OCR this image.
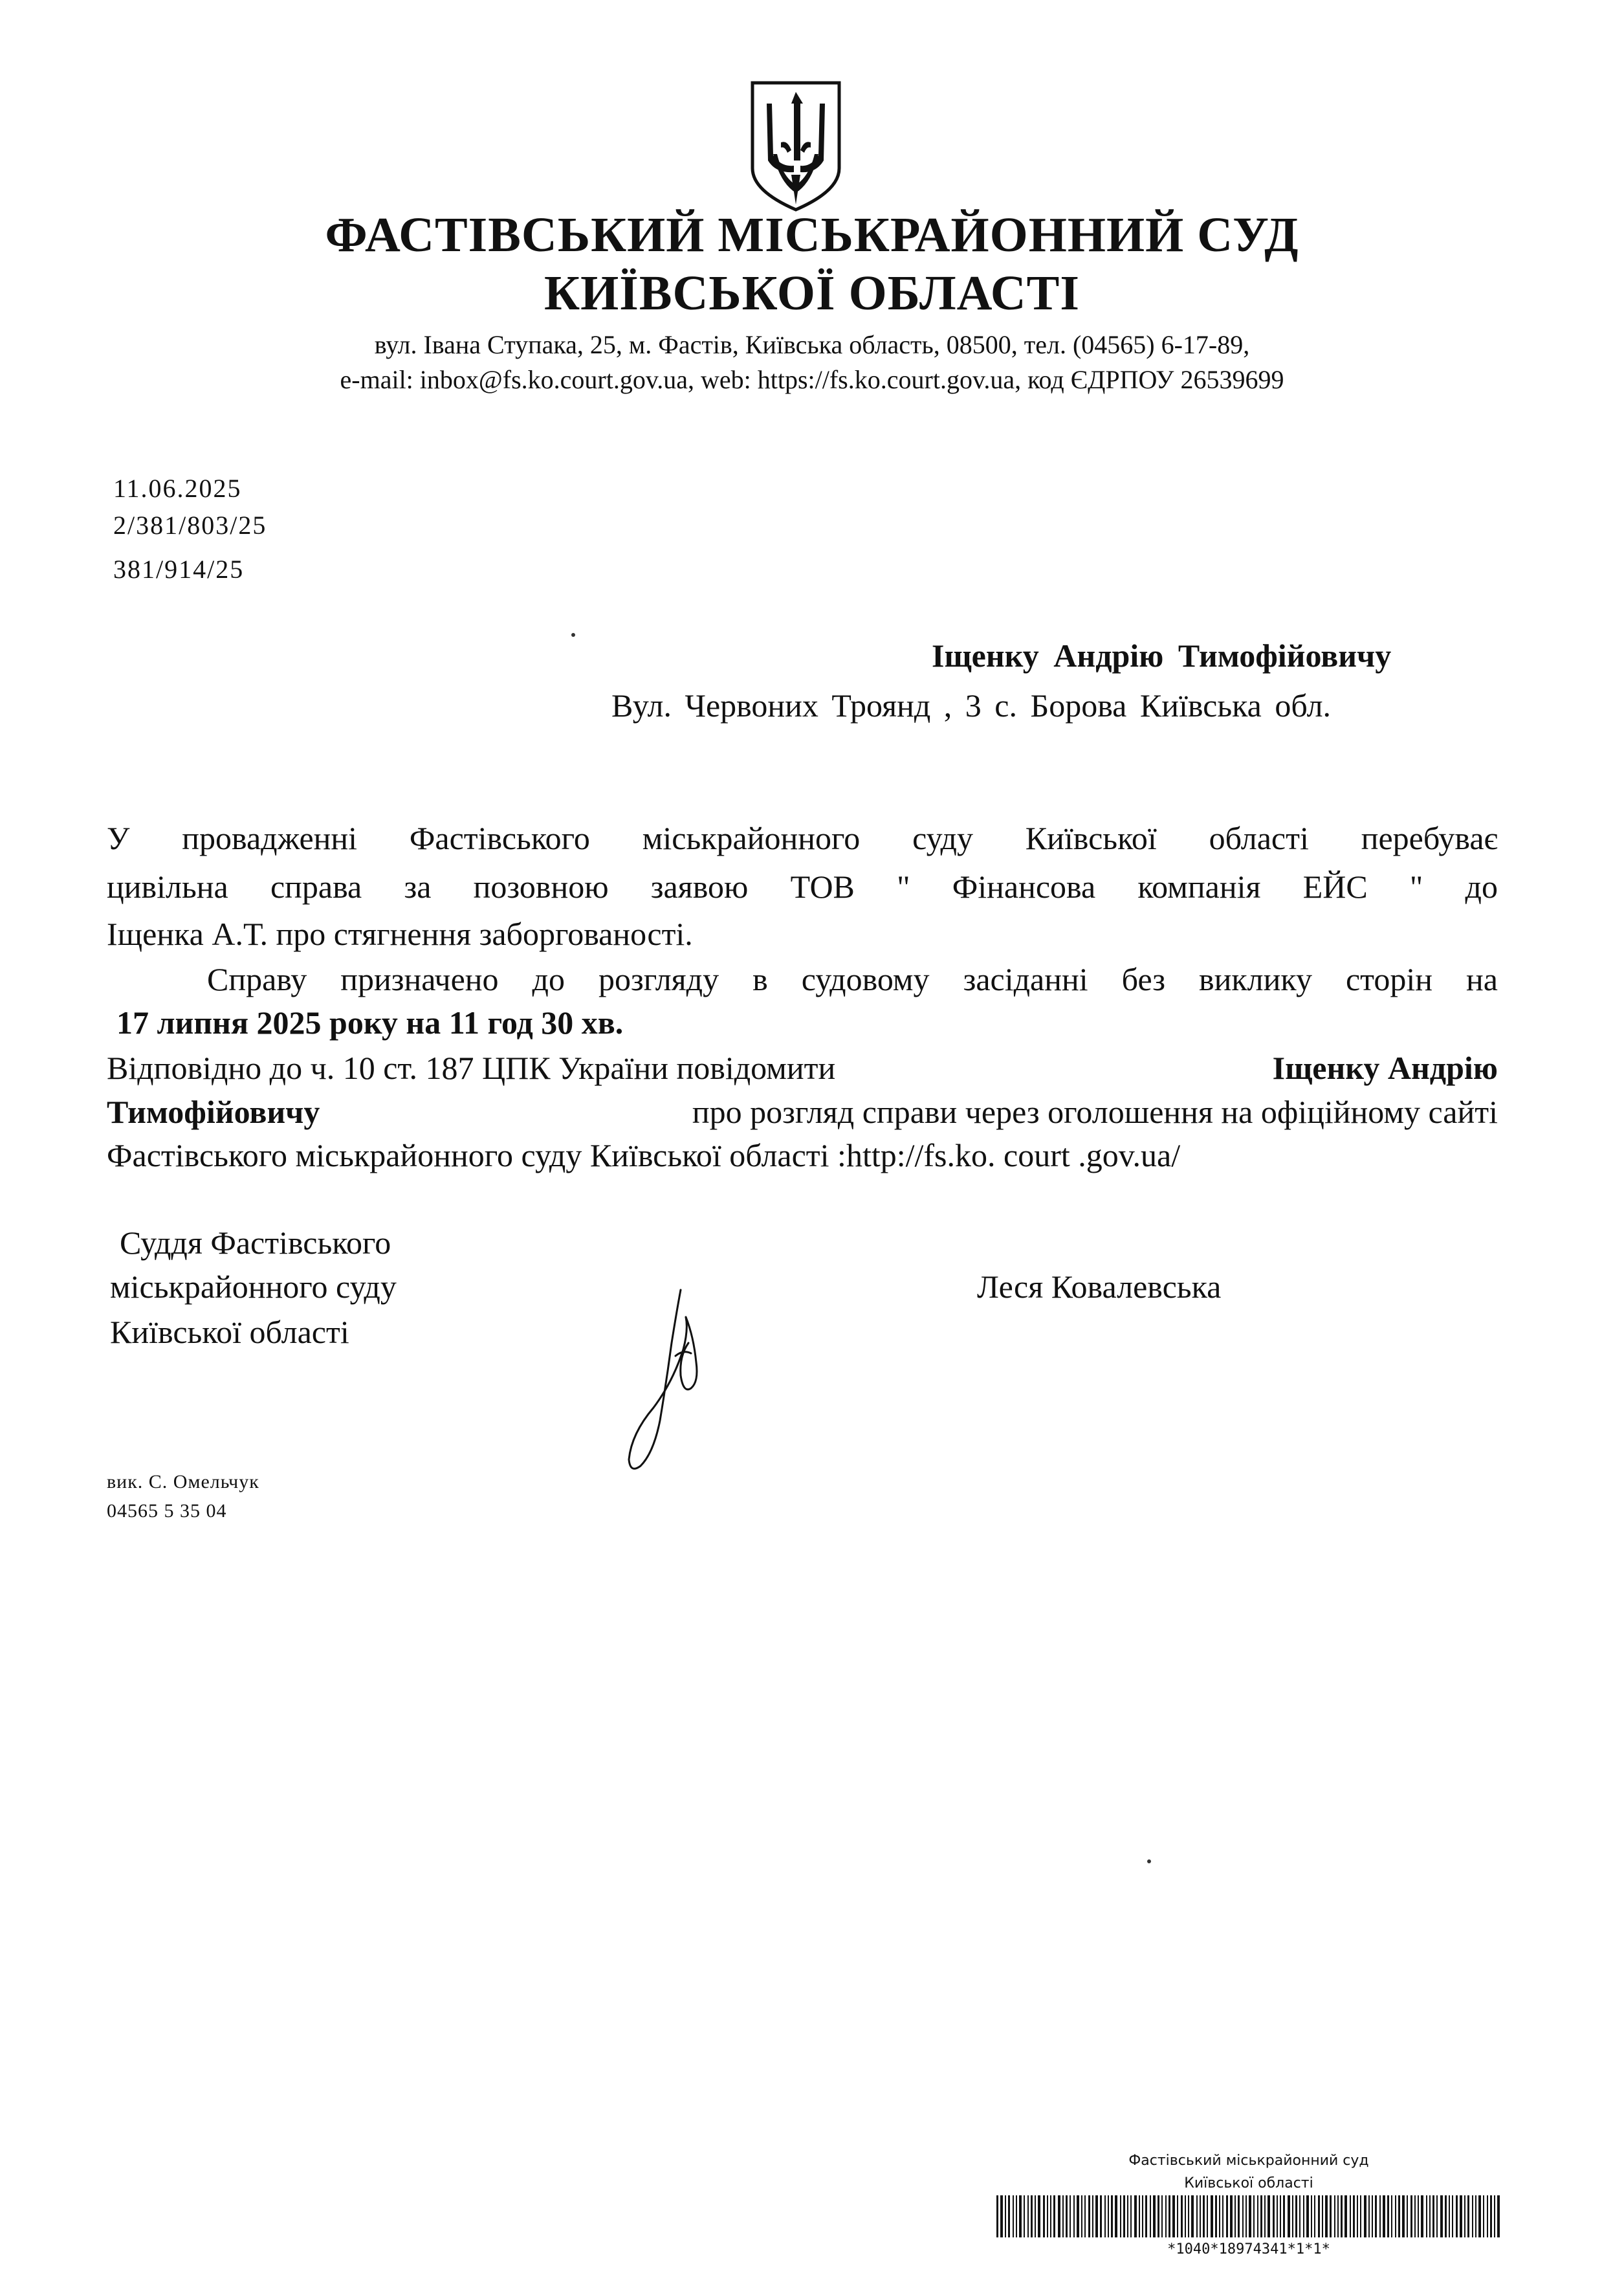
ФАСТІВСЬКИЙ МІСЬКРАЙОННИЙ СУД
КИЇВСЬКОЇ ОБЛАСТІ
вул. Івана Ступака, 25, м. Фастів, Київська область, 08500, тел. (04565) 6-17-89,
e-mail: inbox@fs.ko.court.gov.ua, web: https://fs.ko.court.gov.ua, код ЄДРПОУ 26539699
11.06.2025
2/381/803/25
381/914/25
Іщенку Андрію Тимофійовичу
Вул. Червоних Троянд , 3 с. Борова Київська обл.
У провадженні Фастівського міськрайонного суду Київської області перебуває
цивільна справа за позовною заявою ТОВ " Фінансова компанія ЕЙС " до
Іщенка А.Т. про стягнення заборгованості.
Справу призначено до розгляду в судовому засіданні без виклику сторін на
17 липня 2025 року на 11 год 30 хв.
Відповідно до ч. 10 ст. 187 ЦПК України повідомити	Іщенку Андрію
Тимофійовичу	про розгляд справи через оголошення на офіційному сайті
Фастівського міськрайонного суду Київської області :http://fs.ko. court .gov.ua/
Суддя Фастівського
міськрайонного суду
Київської області
Леся Ковалевська
вик. С. Омельчук
04565 5 35 04
Фастівський міськрайонний суд
Київської області
*1040*18974341*1*1*
